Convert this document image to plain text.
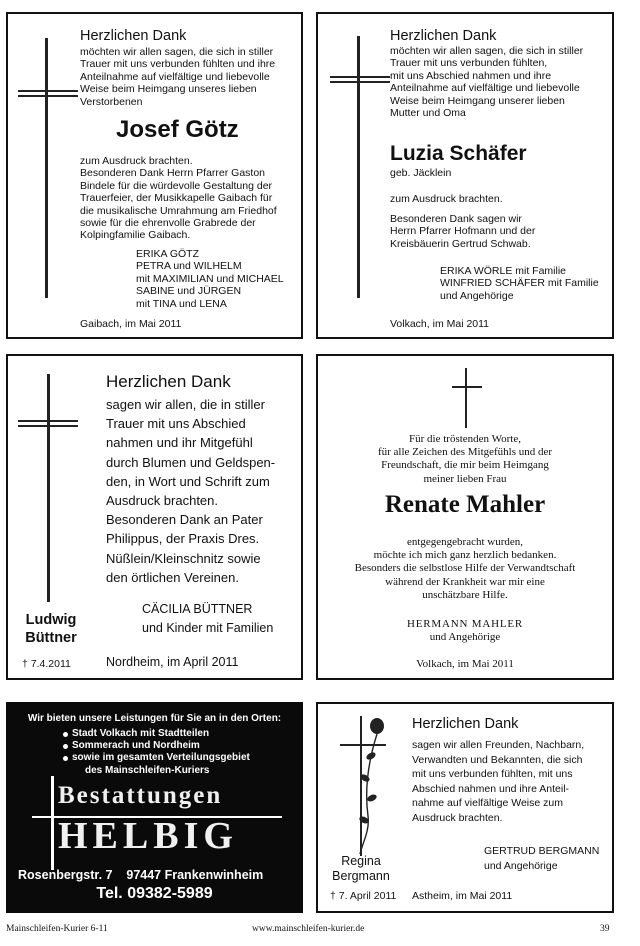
Herzlichen Dank
möchten wir allen sagen, die sich in stiller
Trauer mit uns verbunden fühlten und ihre
Anteilnahme auf vielfältige und liebevolle
Weise beim Heimgang unseres lieben
Verstorbenen
Josef Götz
zum Ausdruck brachten.
Besonderen Dank Herrn Pfarrer Gaston
Bindele für die würdevolle Gestaltung der
Trauerfeier, der Musikkapelle Gaibach für
die musikalische Umrahmung am Friedhof
sowie für die ehrenvolle Grabrede der
Kolpingfamilie Gaibach.
ERIKA GÖTZ
PETRA und WILHELM
mit MAXIMILIAN und MICHAEL
SABINE und JÜRGEN
mit TINA und LENA
Gaibach, im Mai 2011
Herzlichen Dank
möchten wir allen sagen, die sich in stiller
Trauer mit uns verbunden fühlten,
mit uns Abschied nahmen und ihre
Anteilnahme auf vielfältige und liebevolle
Weise beim Heimgang unserer lieben
Mutter und Oma
Luzia Schäfer
geb. Jäcklein
zum Ausdruck brachten.
Besonderen Dank sagen wir
Herrn Pfarrer Hofmann und der
Kreisbäuerin Gertrud Schwab.
ERIKA WÖRLE mit Familie
WINFRIED SCHÄFER mit Familie
und Angehörige
Volkach, im Mai 2011
Herzlichen Dank
sagen wir allen, die in stiller
Trauer mit uns Abschied
nahmen und ihr Mitgefühl
durch Blumen und Geldspen-
den, in Wort und Schrift zum
Ausdruck brachten.
Besonderen Dank an Pater
Philippus, der Praxis Dres.
Nüßlein/Kleinschnitz sowie
den örtlichen Vereinen.
Ludwig
Büttner
† 7.4.2011
CÄCILIA BÜTTNER
und Kinder mit Familien
Nordheim, im April 2011
Für die tröstenden Worte,
für alle Zeichen des Mitgefühls und der
Freundschaft, die mir beim Heimgang
meiner lieben Frau
Renate Mahler
entgegengebracht wurden,
möchte ich mich ganz herzlich bedanken.
Besonders die selbstlose Hilfe der Verwandtschaft
während der Krankheit war mir eine
unschätzbare Hilfe.
HERMANN MAHLER
und Angehörige
Volkach, im Mai 2011
Wir bieten unsere Leistungen für Sie an in den Orten:
Stadt Volkach mit Stadtteilen
Sommerach und Nordheim
sowie im gesamten Verteilungsgebiet
des Mainschleifen-Kuriers
Bestattungen
HELBIG
Rosenbergstr. 7    97447 Frankenwinheim
Tel. 09382-5989
Herzlichen Dank
sagen wir allen Freunden, Nachbarn,
Verwandten und Bekannten, die sich
mit uns verbunden fühlten, mit uns
Abschied nahmen und ihre Anteil-
nahme auf vielfältige Weise zum
Ausdruck brachten.
GERTRUD BERGMANN
und Angehörige
Regina
Bergmann
† 7. April 2011 Astheim, im Mai 2011
Mainschleifen-Kurier 6-11	www.mainschleifen-kurier.de	39
